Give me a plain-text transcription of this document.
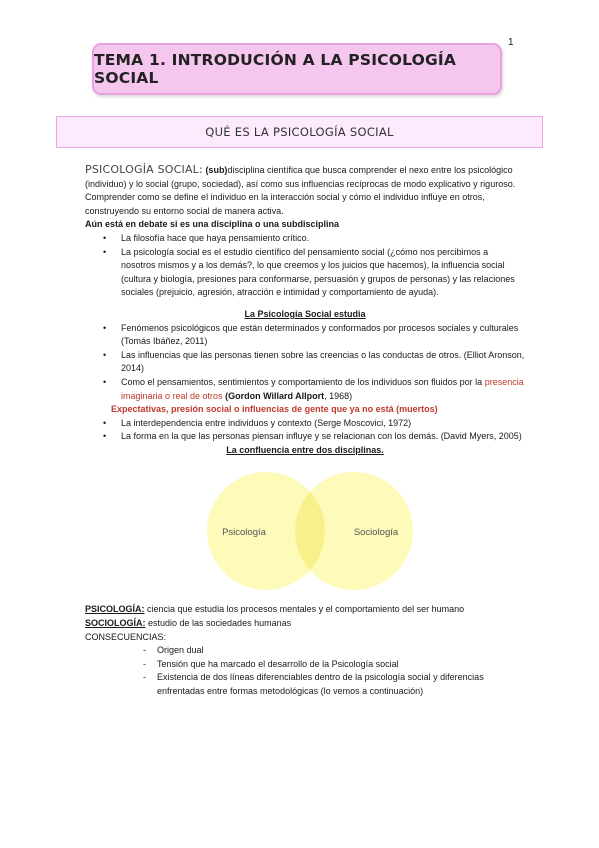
1
TEMA 1. INTRODUCIÓN A LA PSICOLOGÍA SOCIAL
QUÉ ES LA PSICOLOGÍA SOCIAL

PSICOLOGÍA SOCIAL: (sub)disciplina científica que busca comprender el nexo entre los psicológico (individuo) y lo social (grupo, sociedad), así como sus influencias recíprocas de modo explicativo y riguroso.

Comprender como se define el individuo en la interacción social y cómo el individuo influye en otros, construyendo su entorno social de manera activa.

Aún está en debate si es una disciplina o una subdisciplina

• La filosofía hace que haya pensamiento crítico.
• La psicología social es el estudio científico del pensamiento social (¿cómo nos percibimos a nosotros mismos y a los demás?, lo que creemos y los juicios que hacemos), la influencia social (cultura y biología, presiones para conformarse, persuasión y grupos de personas) y las relaciones sociales (prejuicio, agresión, atracción e intimidad y comportamiento de ayuda).

La Psicología Social estudia

• Fenómenos psicológicos que están determinados y conformados por procesos sociales y culturales (Tomás Ibáñez, 2011)
• Las influencias que las personas tienen sobre las creencias o las conductas de otros. (Elliot Aronson, 2014)
• Como el pensamientos, sentimientos y comportamiento de los individuos son fluidos por la presencia imaginaria o real de otros (Gordon Willard Allport, 1968)

Expectativas, presión social o influencias de gente que ya no está (muertos)

• La interdependencia entre individuos y contexto (Serge Moscovici, 1972)
• La forma en la que las personas piensan influye y se relacionan con los demás. (David Myers, 2005)

La confluencia entre dos disciplinas.

Psicología	Sociología

PSICOLOGÍA: ciencia que estudia los procesos mentales y el comportamiento del ser humano

SOCIOLOGÍA: estudio de las sociedades humanas

CONSECUENCIAS:

- Origen dual
- Tensión que ha marcado el desarrollo de la Psicología social
- Existencia de dos líneas diferenciables dentro de la psicología social y diferencias enfrentadas entre formas metodológicas (lo vemos a continuación)
